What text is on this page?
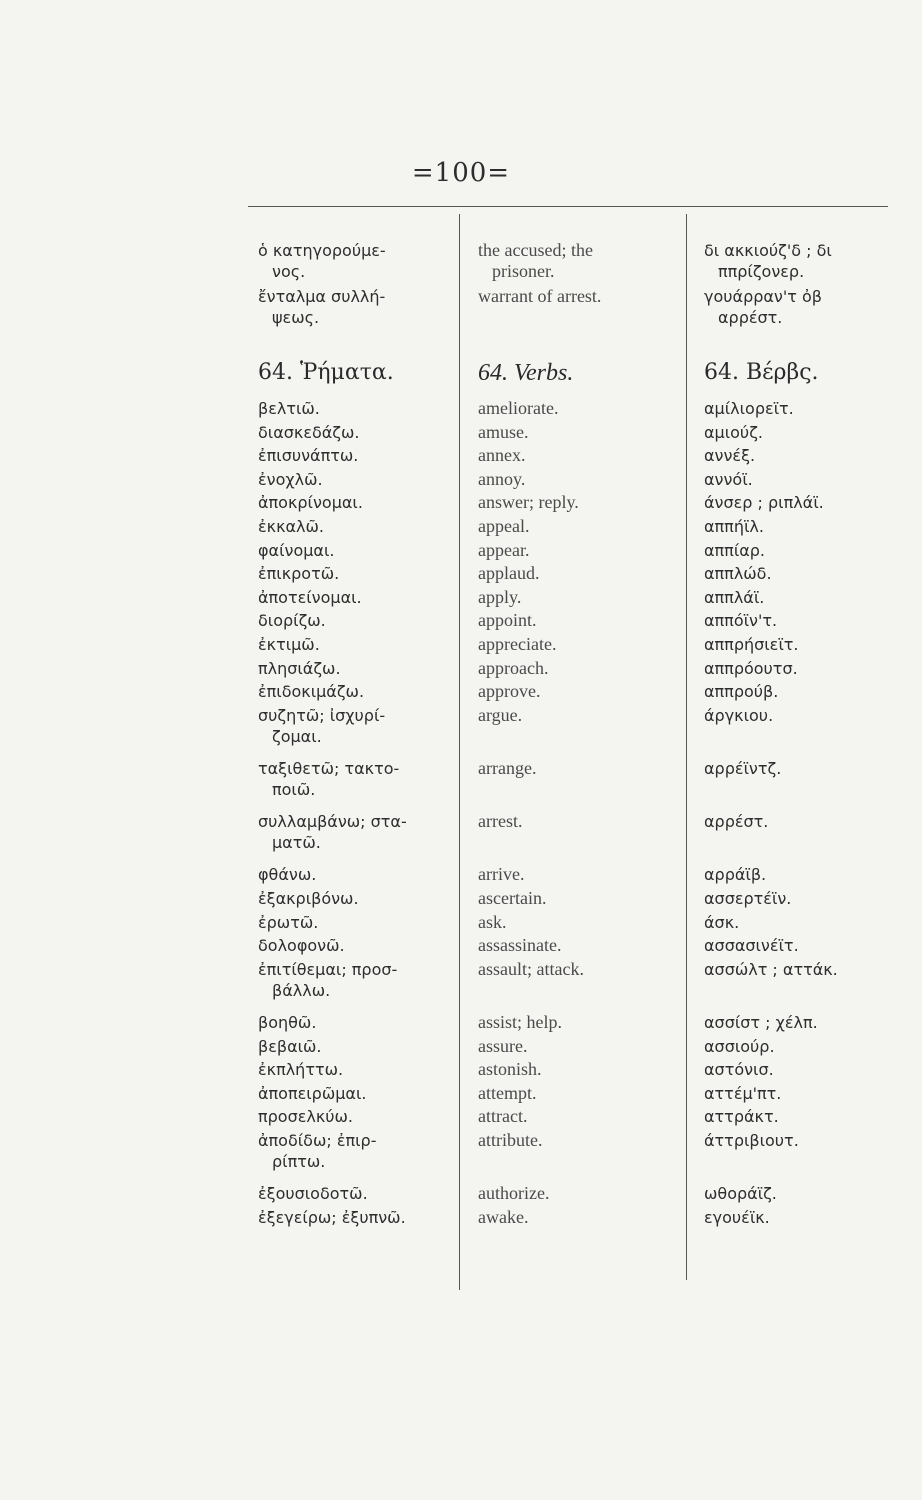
=100=
ὁ κατηγορούμε-
νος.
ἔνταλμα συλλή-
ψεως.
64. Ῥήματα.
βελτιῶ.
διασκεδάζω.
ἐπισυνάπτω.
ἐνοχλῶ.
ἀποκρίνομαι.
ἐκκαλῶ.
φαίνομαι.
ἐπικροτῶ.
ἀποτείνομαι.
διορίζω.
ἐκτιμῶ.
πλησιάζω.
ἐπιδοκιμάζω.
συζητῶ; ἰσχυρί-
ζομαι.
ταξιθετῶ; τακτο-
ποιῶ.
συλλαμβάνω; στα-
ματῶ.
φθάνω.
ἐξακριβόνω.
ἐρωτῶ.
δολοφονῶ.
ἐπιτίθεμαι; προσ-
βάλλω.
βοηθῶ.
βεβαιῶ.
ἐκπλήττω.
ἀποπειρῶμαι.
προσελκύω.
ἀποδίδω; ἐπιρ-
ρίπτω.
ἐξουσιοδοτῶ.
ἐξεγείρω; ἐξυπνῶ.
the accused; the
prisoner.
warrant of arrest.
64. Verbs.
ameliorate.
amuse.
annex.
annoy.
answer; reply.
appeal.
appear.
applaud.
apply.
appoint.
appreciate.
approach.
approve.
argue.
arrange.
arrest.
arrive.
ascertain.
ask.
assassinate.
assault; attack.
assist; help.
assure.
astonish.
attempt.
attract.
attribute.
authorize.
awake.
δι ακκιούζ'δ ; δι
ππρίζονερ.
γουάρραν'τ ὀβ
αρρέστ.
64. Βέρβς.
αμίλιορεϊτ.
αμιούζ.
αννέξ.
αννόϊ.
άνσερ ; ριπλάϊ.
αππήϊλ.
αππίαρ.
αππλώδ.
αππλάϊ.
αππόϊν'τ.
αππρήσιεϊτ.
αππρόουτσ.
αππρούβ.
άργκιου.
αρρέϊντζ.
αρρέστ.
αρράϊβ.
ασσερτέϊν.
άσκ.
ασσασινέϊτ.
ασσώλτ ; αττάκ.
ασσίστ ; χέλπ.
ασσιούρ.
αστόνισ.
αττέμ'πτ.
αττράκτ.
άττριβιουτ.
ωθοράϊζ.
εγουέϊκ.
